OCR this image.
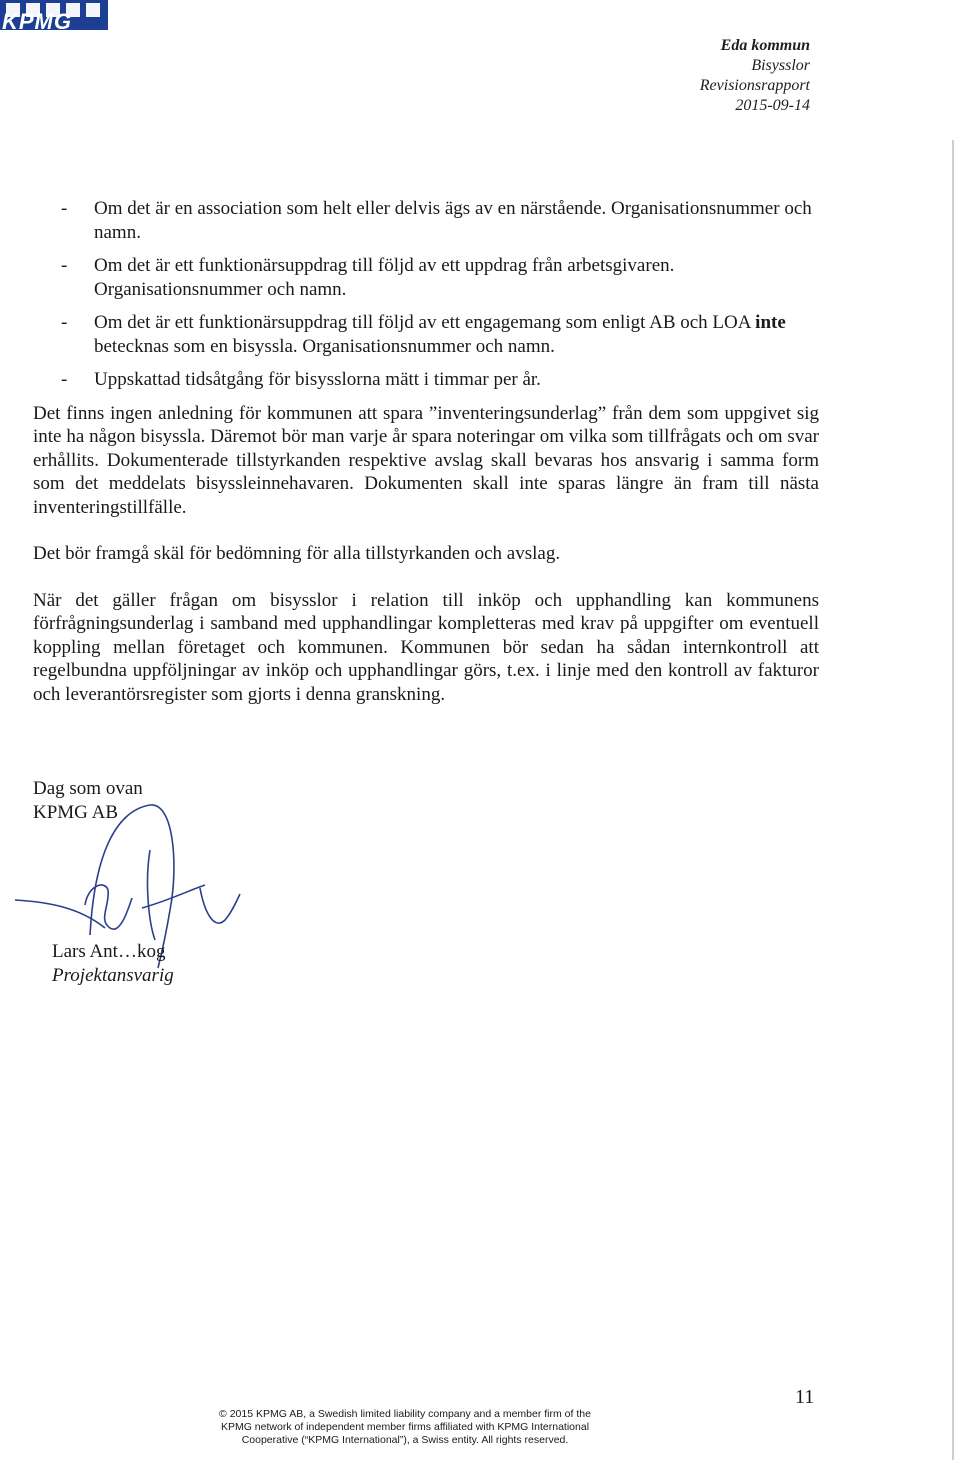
KPMG
Eda kommun
Bisysslor
Revisionsrapport
2015-09-14
- Om det är en association som helt eller delvis ägs av en närstående. Organisationsnummer och namn.
- Om det är ett funktionärsuppdrag till följd av ett uppdrag från arbetsgivaren. Organisationsnummer och namn.
- Om det är ett funktionärsuppdrag till följd av ett engagemang som enligt AB och LOA inte betecknas som en bisyssla. Organisationsnummer och namn.
- Uppskattad tidsåtgång för bisysslorna mätt i timmar per år.

Det finns ingen anledning för kommunen att spara ”inventeringsunderlag” från dem som uppgivet sig inte ha någon bisyssla. Däremot bör man varje år spara noteringar om vilka som tillfrågats och om svar erhållits. Dokumenterade tillstyrkanden respektive avslag skall bevaras hos ansvarig i samma form som det meddelats bisyssleinnehavaren. Dokumenten skall inte sparas längre än fram till nästa inventeringstillfälle.

Det bör framgå skäl för bedömning för alla tillstyrkanden och avslag.

När det gäller frågan om bisysslor i relation till inköp och upphandling kan kommunens förfrågningsunderlag i samband med upphandlingar kompletteras med krav på uppgifter om eventuell koppling mellan företaget och kommunen. Kommunen bör sedan ha sådan internkontroll att regelbundna uppföljningar av inköp och upphandlingar görs, t.ex. i linje med den kontroll av fakturor och leverantörsregister som gjorts i denna granskning.

Dag som ovan
KPMG AB
Lars Ant…kog
Projektansvarig
11
© 2015 KPMG AB, a Swedish limited liability company and a member firm of the
KPMG network of independent member firms affiliated with KPMG International
Cooperative (“KPMG International”), a Swiss entity. All rights reserved.
